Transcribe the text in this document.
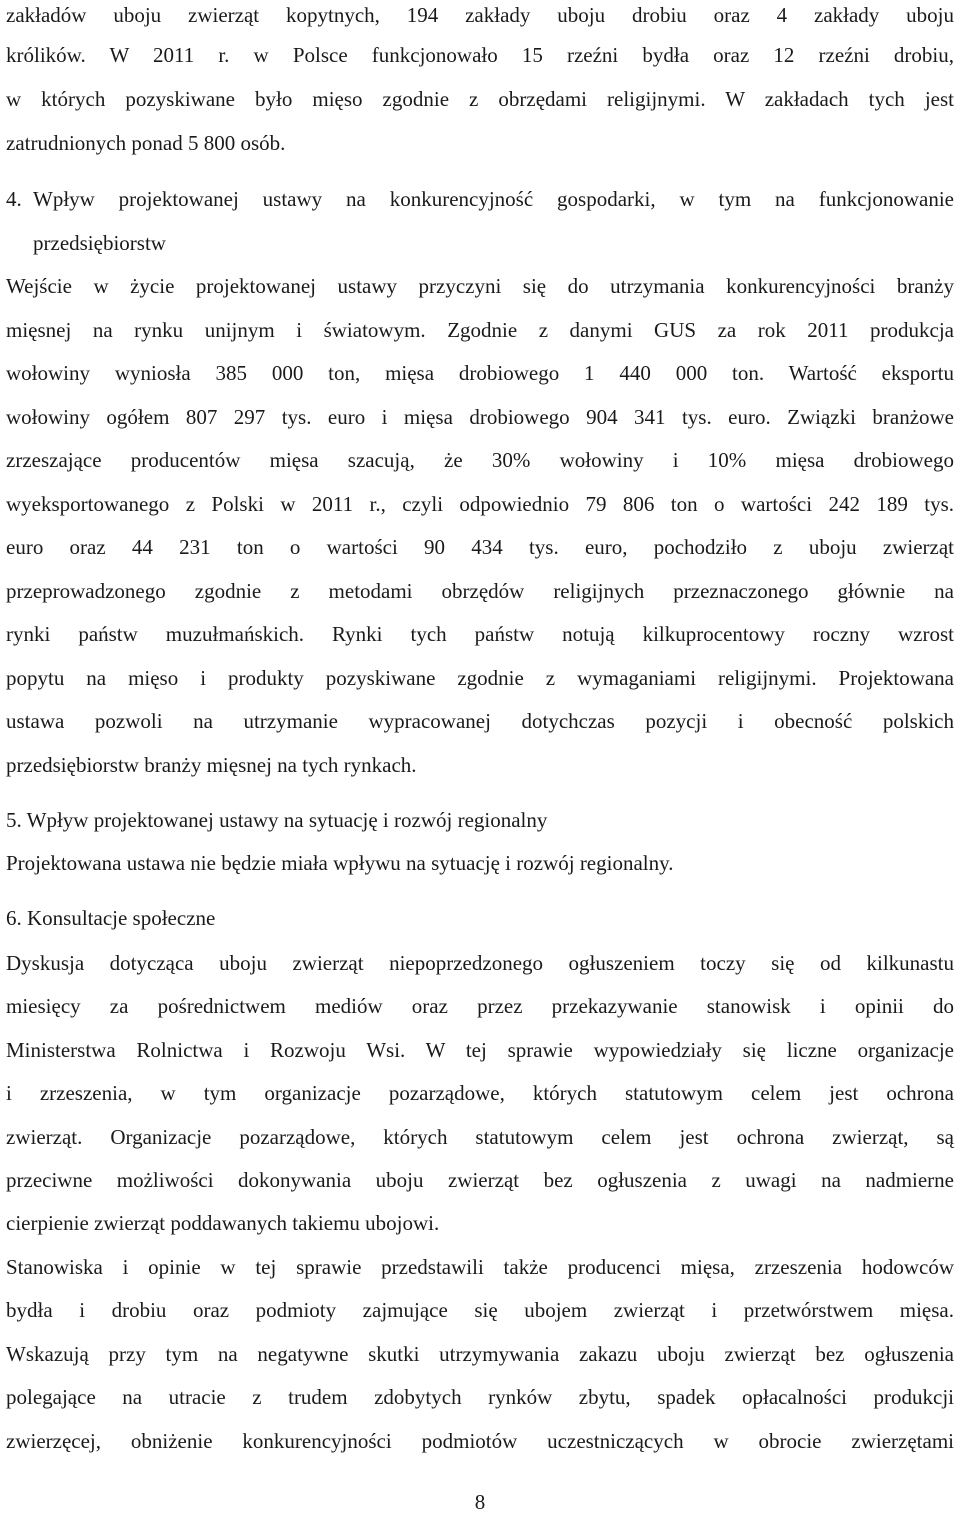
zakładów uboju zwierząt kopytnych, 194 zakłady uboju drobiu oraz 4 zakłady uboju
królików. W 2011 r. w Polsce funkcjonowało 15 rzeźni bydła oraz 12 rzeźni drobiu,
w których pozyskiwane było mięso zgodnie z obrzędami religijnymi. W zakładach tych jest
zatrudnionych ponad 5 800 osób.
4. Wpływ projektowanej ustawy na konkurencyjność gospodarki, w tym na funkcjonowanie
przedsiębiorstw
Wejście w życie projektowanej ustawy przyczyni się do utrzymania konkurencyjności branży
mięsnej na rynku unijnym i światowym. Zgodnie z danymi GUS za rok 2011 produkcja
wołowiny wyniosła 385 000 ton, mięsa drobiowego 1 440 000 ton. Wartość eksportu
wołowiny ogółem 807 297 tys. euro i mięsa drobiowego 904 341 tys. euro. Związki branżowe
zrzeszające producentów mięsa szacują, że 30% wołowiny i 10% mięsa drobiowego
wyeksportowanego z Polski w 2011 r., czyli odpowiednio 79 806 ton o wartości 242 189 tys.
euro oraz 44 231 ton o wartości 90 434 tys. euro, pochodziło z uboju zwierząt
przeprowadzonego zgodnie z metodami obrzędów religijnych przeznaczonego głównie na
rynki państw muzułmańskich. Rynki tych państw notują kilkuprocentowy roczny wzrost
popytu na mięso i produkty pozyskiwane zgodnie z wymaganiami religijnymi. Projektowana
ustawa pozwoli na utrzymanie wypracowanej dotychczas pozycji i obecność polskich
przedsiębiorstw branży mięsnej na tych rynkach.
5. Wpływ projektowanej ustawy na sytuację i rozwój regionalny
Projektowana ustawa nie będzie miała wpływu na sytuację i rozwój regionalny.
6. Konsultacje społeczne
Dyskusja dotycząca uboju zwierząt niepoprzedzonego ogłuszeniem toczy się od kilkunastu
miesięcy za pośrednictwem mediów oraz przez przekazywanie stanowisk i opinii do
Ministerstwa Rolnictwa i Rozwoju Wsi. W tej sprawie wypowiedziały się liczne organizacje
i zrzeszenia, w tym organizacje pozarządowe, których statutowym celem jest ochrona
zwierząt. Organizacje pozarządowe, których statutowym celem jest ochrona zwierząt, są
przeciwne możliwości dokonywania uboju zwierząt bez ogłuszenia z uwagi na nadmierne
cierpienie zwierząt poddawanych takiemu ubojowi.
Stanowiska i opinie w tej sprawie przedstawili także producenci mięsa, zrzeszenia hodowców
bydła i drobiu oraz podmioty zajmujące się ubojem zwierząt i przetwórstwem mięsa.
Wskazują przy tym na negatywne skutki utrzymywania zakazu uboju zwierząt bez ogłuszenia
polegające na utracie z trudem zdobytych rynków zbytu, spadek opłacalności produkcji
zwierzęcej, obniżenie konkurencyjności podmiotów uczestniczących w obrocie zwierzętami
8
